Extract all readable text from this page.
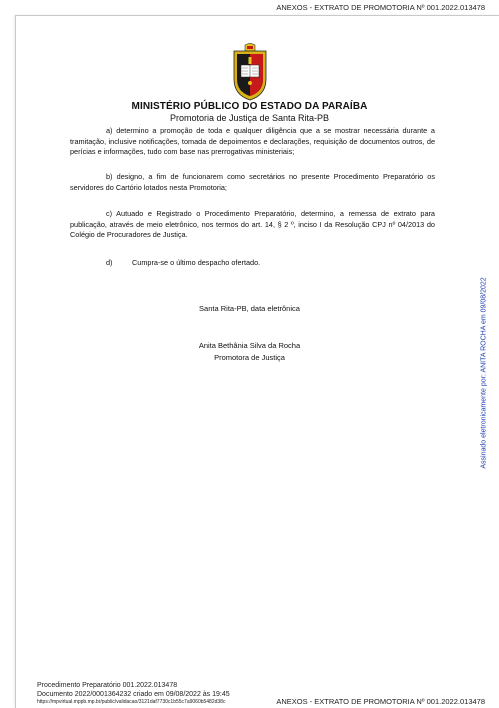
ANEXOS - EXTRATO DE PROMOTORIA Nº 001.2022.013478
MINISTÉRIO PÚBLICO DO ESTADO DA PARAÍBA
Promotoria de Justiça de Santa Rita-PB

a) determino a promoção de toda e qualquer diligência que a se mostrar necessária durante a tramitação, inclusive notificações, tomada de depoimentos e declarações, requisição de documentos outros, de perícias e informações, tudo com base nas prerrogativas ministeriais;

b) designo, a fim de funcionarem como secretários no presente Procedimento Preparatório os servidores do Cartório lotados nesta Promotoria;

c) Autuado e Registrado o Procedimento Preparatório, determino, a remessa de extrato para publicação, através de meio eletrônico, nos termos do art. 14, § 2 º, inciso I da Resolução CPJ nº 04/2013 do Colégio de Procuradores de Justiça.

d)	Cumpra-se o último despacho ofertado.
Santa Rita-PB, data eletrônica
Anita Bethânia Silva da Rocha
Promotora de Justiça	Assinado eletronicamente por: ANITA ROCHA em 09/08/2022
Procedimento Preparatório 001.2022.013478
Documento 2022/0001364232 criado em 09/08/2022 às 19:45
https://mpvirtual.mppb.mp.br/public/validacao/3121daf7730c1b55c7a9060b5482d38c	ANEXOS - EXTRATO DE PROMOTORIA Nº 001.2022.013478
